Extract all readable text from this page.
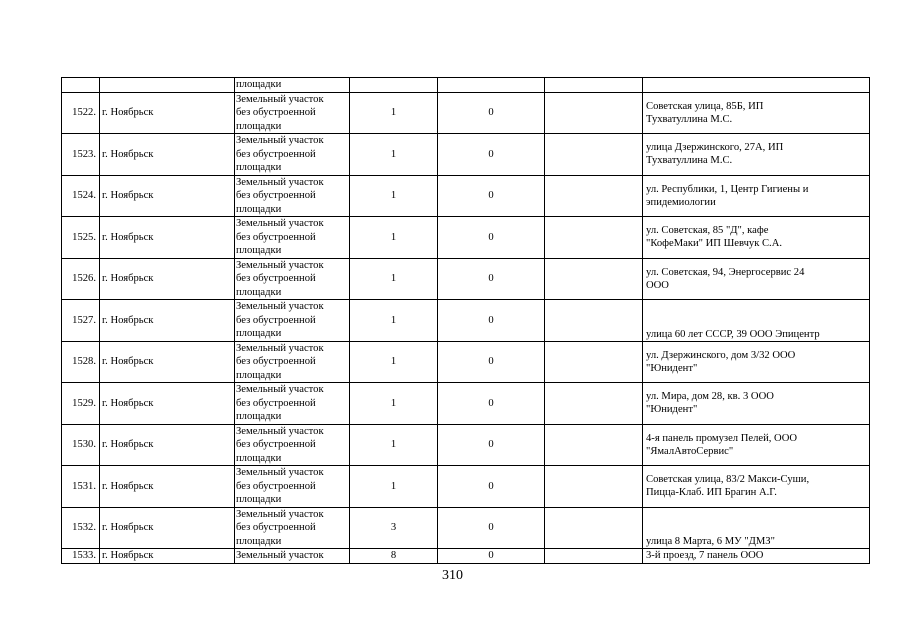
		площадки				

1522.	г. Ноябрьск	Земельный участок
без обустроенной
площадки	1	0		Советская улица, 85Б, ИП
Тухватуллина М.С.

1523.	г. Ноябрьск	Земельный участок
без обустроенной
площадки	1	0		улица Дзержинского, 27А, ИП
Тухватуллина М.С.

1524.	г. Ноябрьск	Земельный участок
без обустроенной
площадки	1	0		ул. Республики, 1, Центр Гигиены и
эпидемиологии

1525.	г. Ноябрьск	Земельный участок
без обустроенной
площадки	1	0		ул. Советская, 85 "Д", кафе
"КофеМаки" ИП Шевчук С.А.

1526.	г. Ноябрьск	Земельный участок
без обустроенной
площадки	1	0		ул. Советская, 94, Энергосервис 24
ООО

1527.	г. Ноябрьск	Земельный участок
без обустроенной
площадки	1	0		улица 60 лет СССР, 39 ООО Эпицентр

1528.	г. Ноябрьск	Земельный участок
без обустроенной
площадки	1	0		ул. Дзержинского, дом 3/32 ООО
"Юнидент"

1529.	г. Ноябрьск	Земельный участок
без обустроенной
площадки	1	0		ул. Мира, дом 28, кв. 3 ООО
"Юнидент"

1530.	г. Ноябрьск	Земельный участок
без обустроенной
площадки	1	0		4-я панель промузел Пелей, ООО
"ЯмалАвтоСервис"

1531.	г. Ноябрьск	Земельный участок
без обустроенной
площадки	1	0		Советская улица, 83/2 Макси-Суши,
Пицца-Клаб. ИП Брагин А.Г.

1532.	г. Ноябрьск	Земельный участок
без обустроенной
площадки	3	0		улица 8 Марта, 6 МУ "ДМЗ"

1533.	г. Ноябрьск	Земельный участок	8	0		3-й проезд, 7 панель ООО
310
